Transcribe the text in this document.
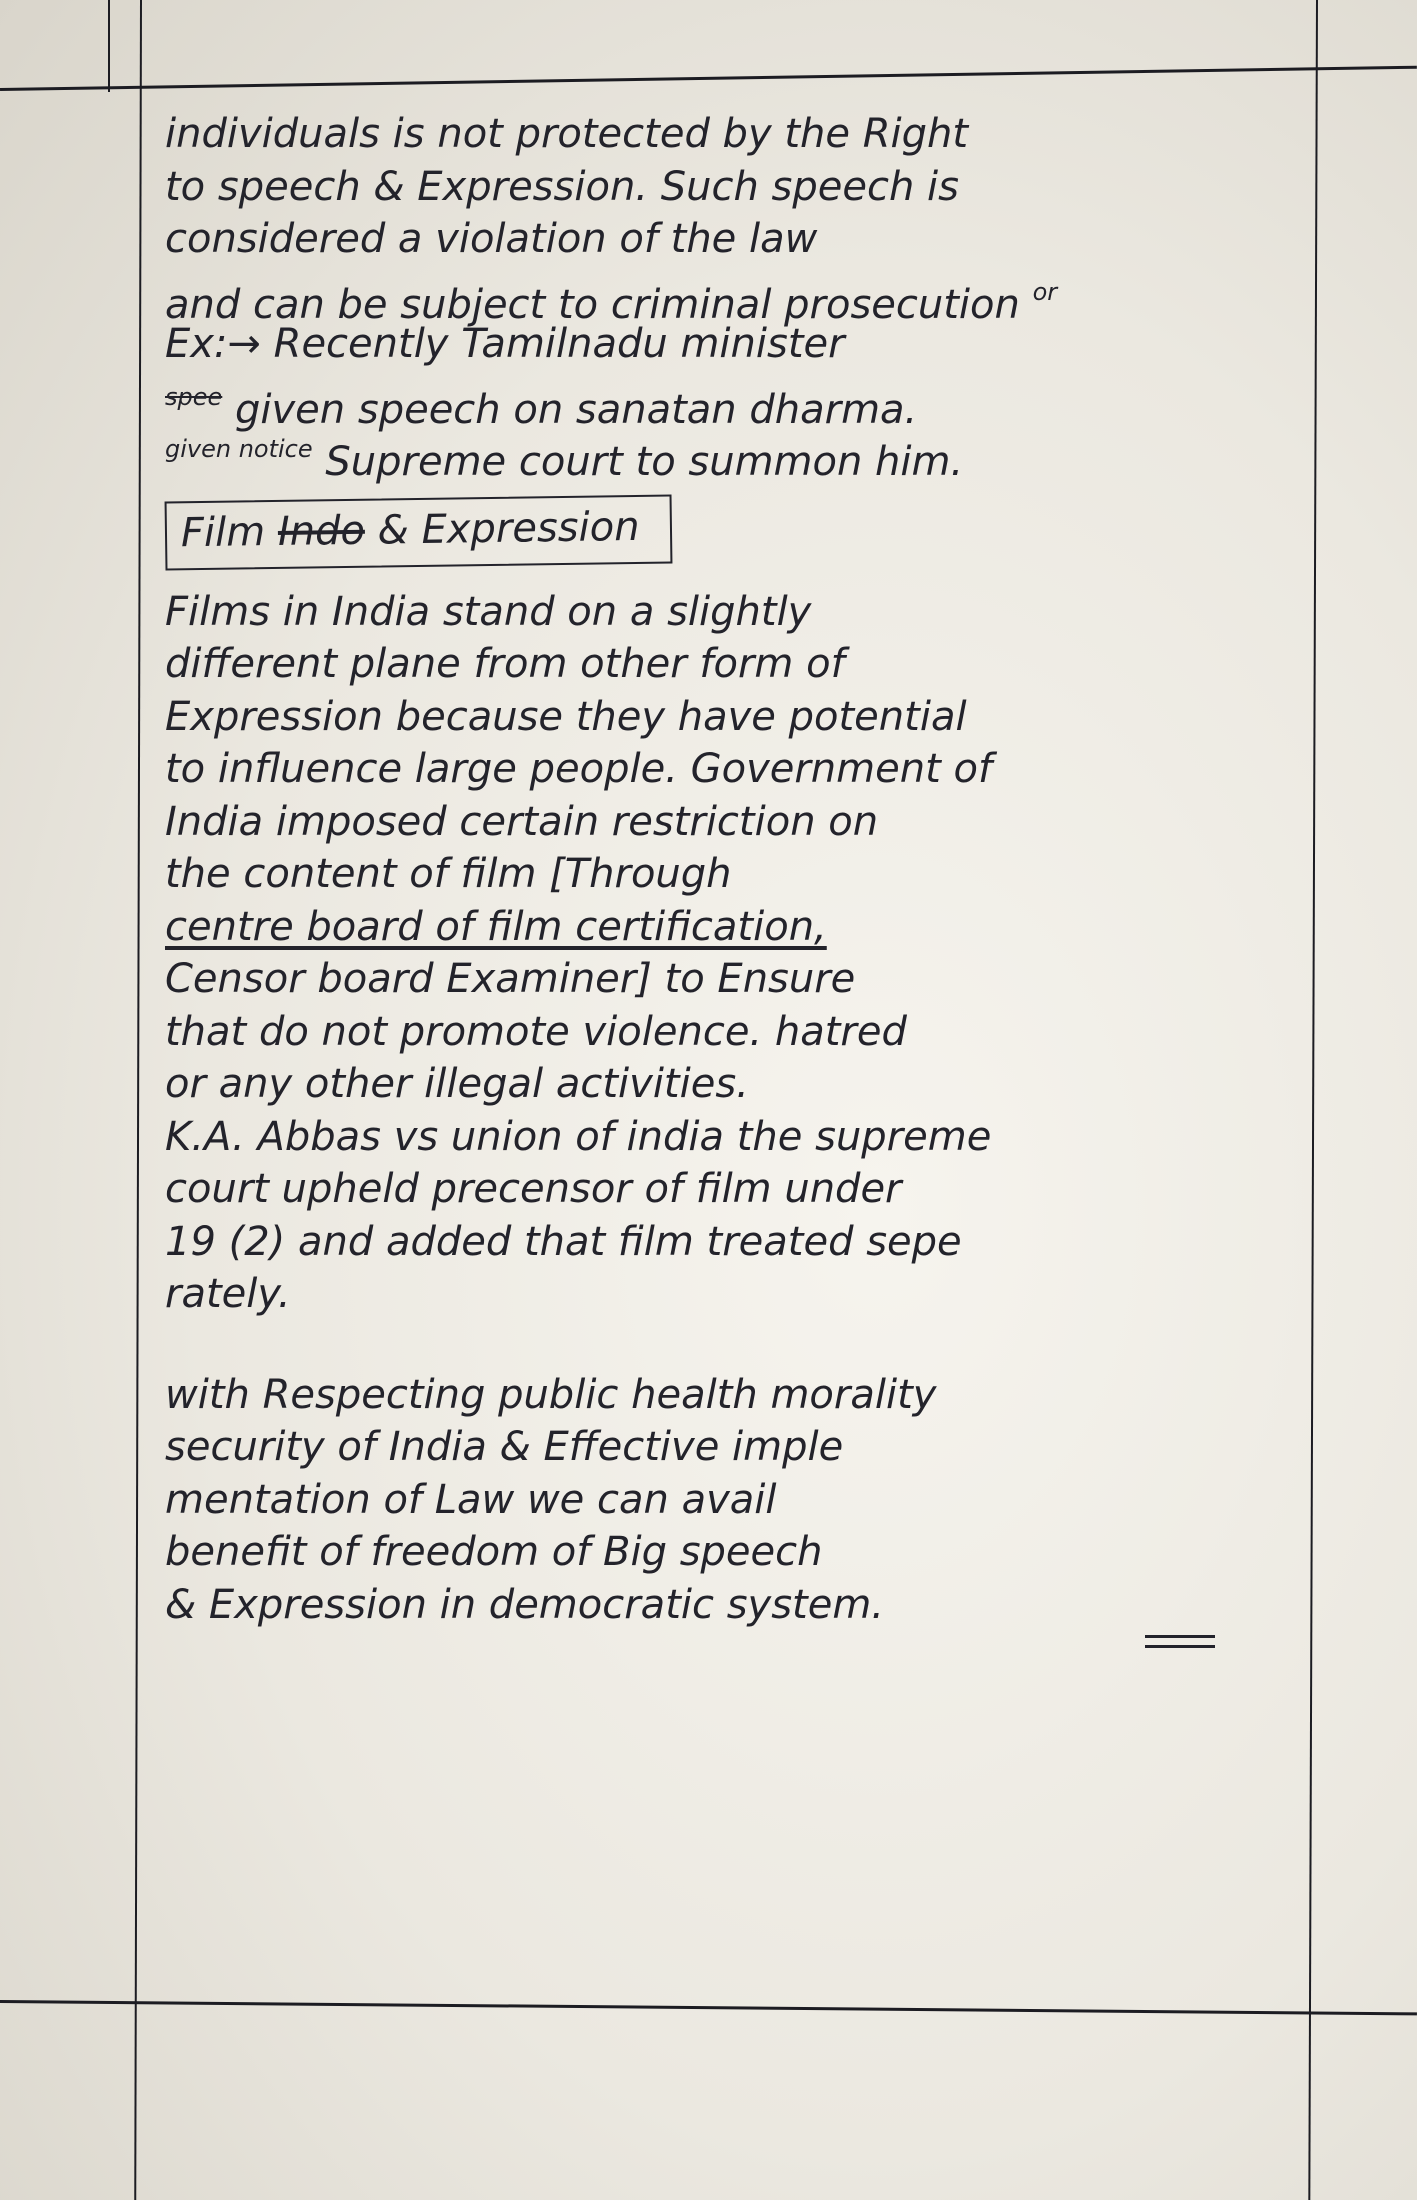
individuals is not protected by the Right
to speech & Expression. Such speech is
considered a violation of the law
and can be subject to criminal prosecution $^{or}$
Ex:→ Recently Tamilnadu minister
$^{spee}$ given speech on sanatan dharma.
$^{given notice}$ Supreme court to summon him.
Film Indo & Expression
Films in India stand on a slightly
different plane from other form of
Expression because they have potential
to influence large people. Government of
India imposed certain restriction on
the content of film [Through
centre board of film certification,
Censor board Examiner] to Ensure
that do not promote violence. hatred
or any other illegal activities.
K.A. Abbas vs union of india the supreme
court upheld precensor of film under
19 (2) and added that film treated sepe
rately.
with Respecting public health morality
security of India & Effective imple
mentation of Law we can avail
benefit of freedom of Big speech
& Expression in democratic system.
